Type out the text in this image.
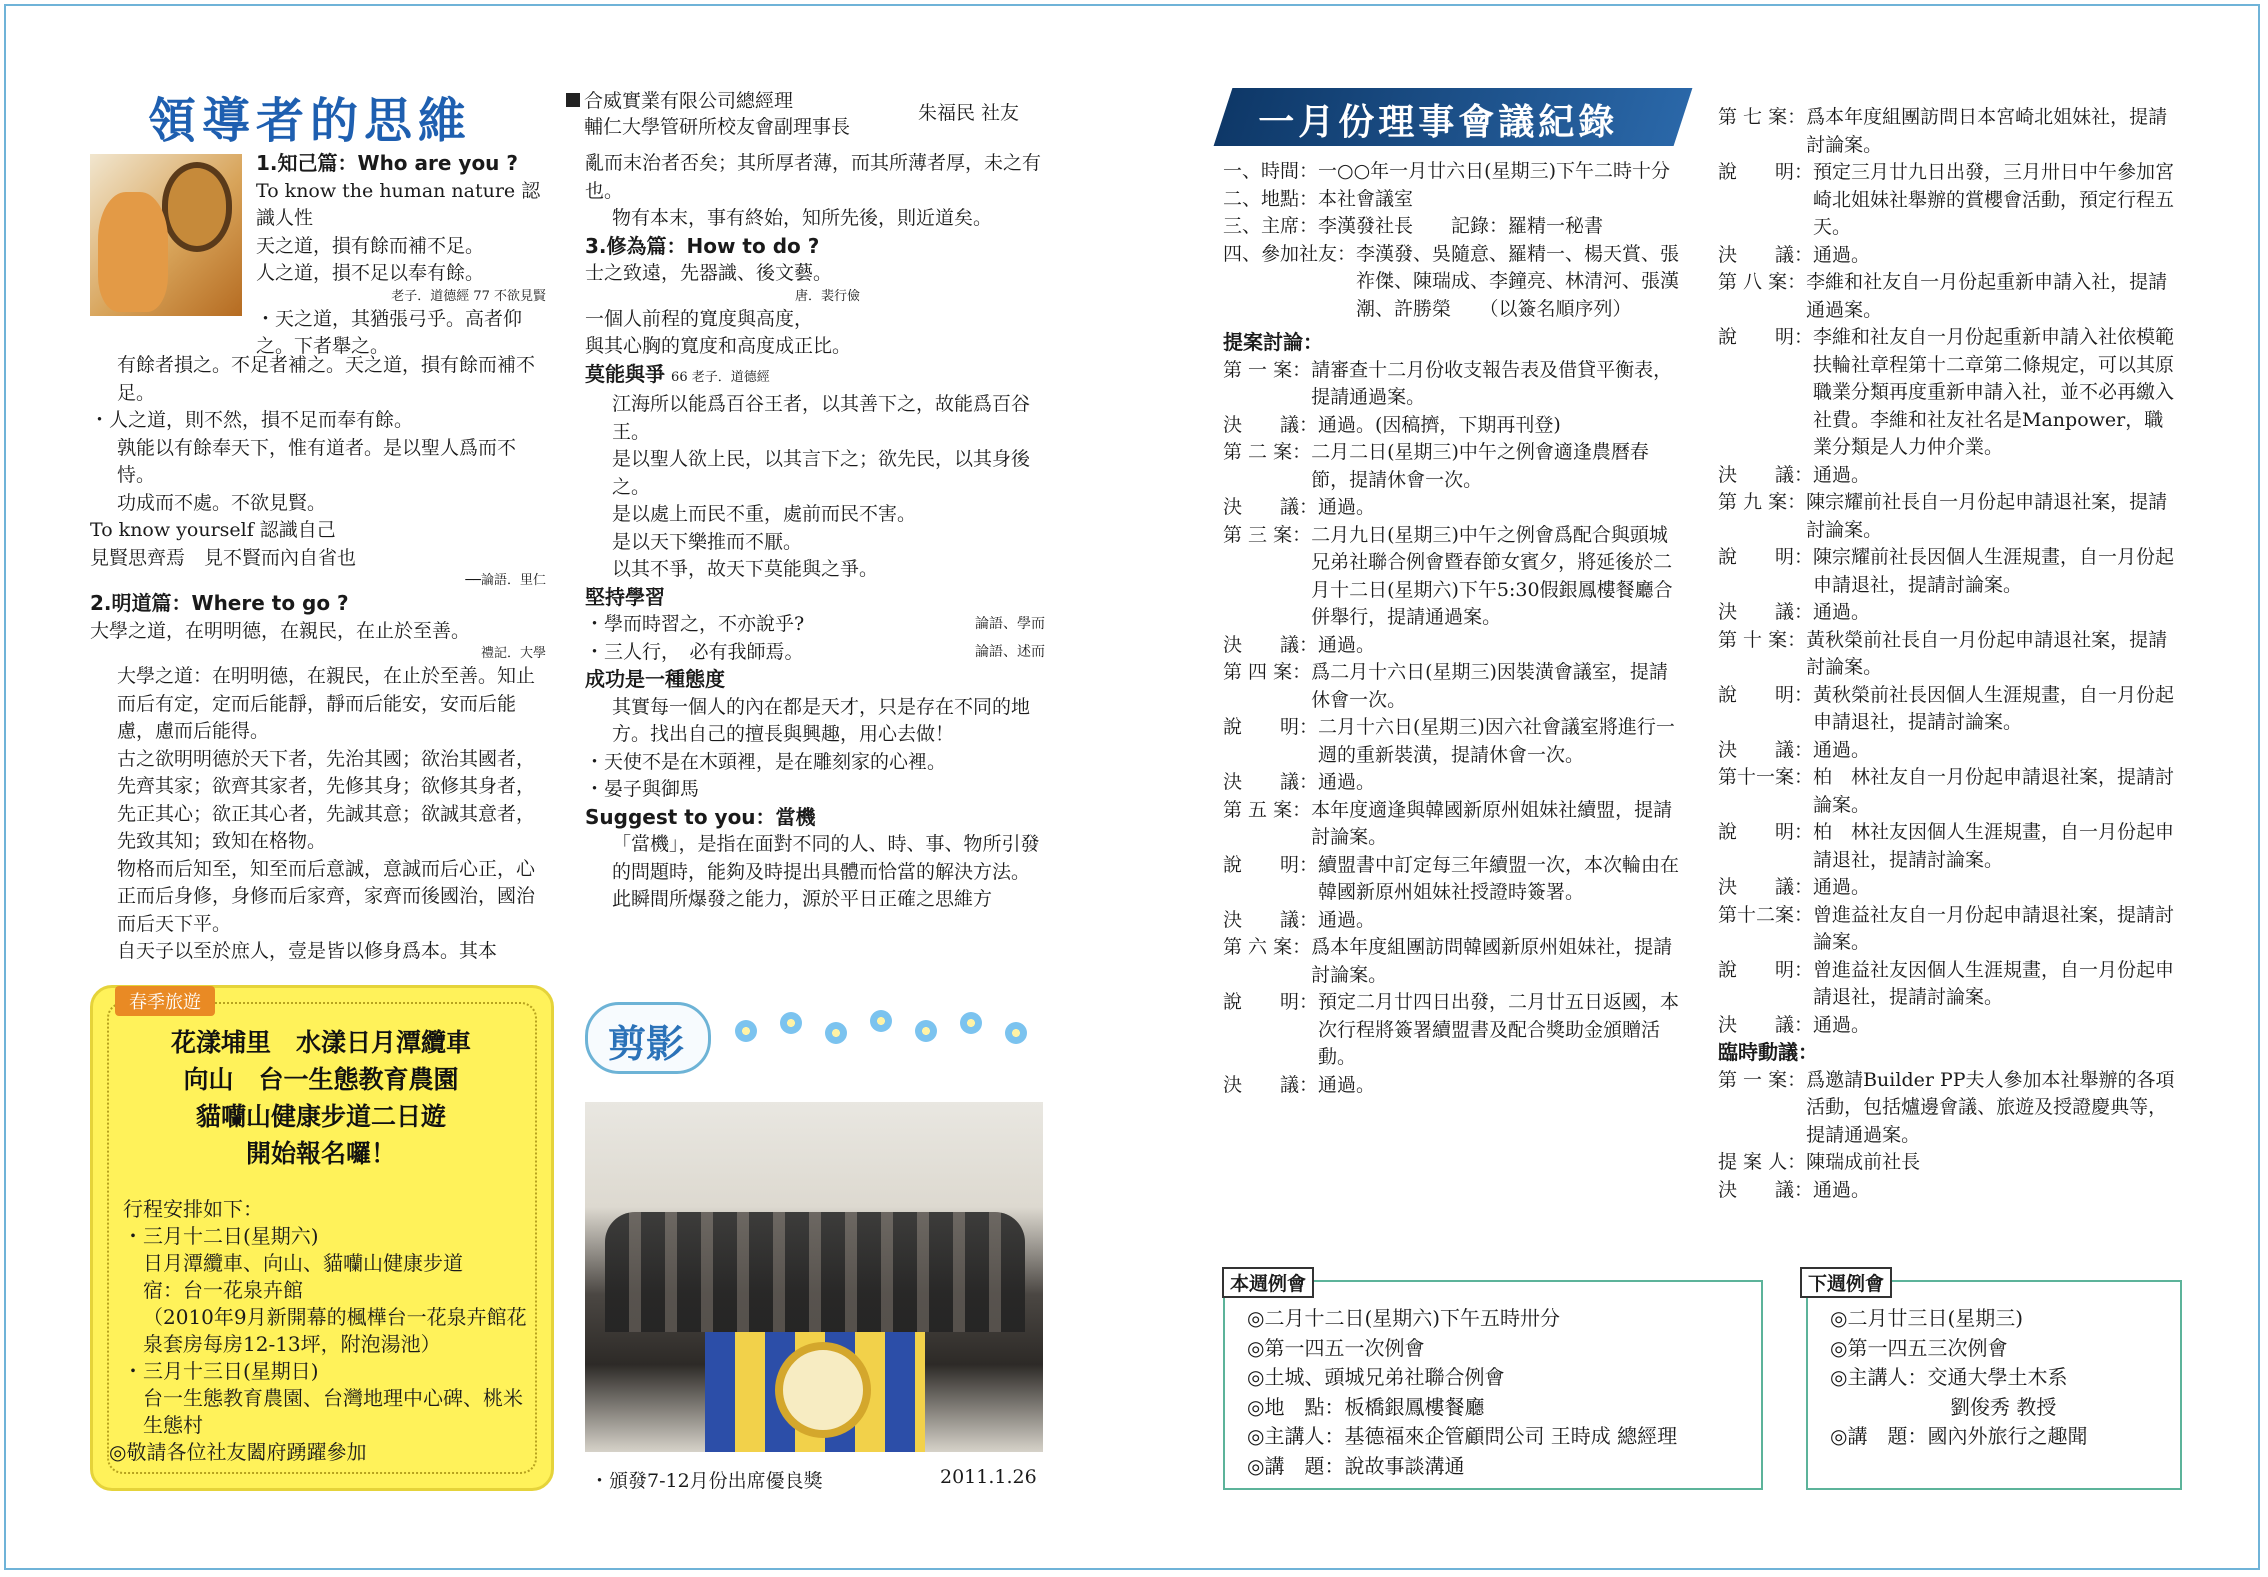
領導者的思維

1.知己篇：Who are you ?

To know the human nature 認識人性

天之道，損有餘而補不足。

人之道，損不足以奉有餘。

老子．道德經 77 不欲見賢

・天之道，其猶張弓乎。高者仰之。下者舉之。

有餘者損之。不足者補之。天之道，損有餘而補不足。

・人之道，則不然，損不足而奉有餘。

孰能以有餘奉天下，惟有道者。是以聖人爲而不恃。

功成而不處。不欲見賢。

To know yourself 認識自己

見賢思齊焉　見不賢而內自省也

──論語．里仁

2.明道篇：Where to go ?

大學之道，在明明德，在親民，在止於至善。

禮記．大學

大學之道：在明明德，在親民，在止於至善。知止而后有定，定而后能靜，靜而后能安，安而后能慮，慮而后能得。

古之欲明明德於天下者，先治其國；欲治其國者，先齊其家；欲齊其家者，先修其身；欲修其身者，先正其心；欲正其心者，先誠其意；欲誠其意者，先致其知；致知在格物。

物格而后知至，知至而后意誠，意誠而后心正，心正而后身修，身修而后家齊，家齊而後國治，國治而后天下平。

自天子以至於庶人，壹是皆以修身爲本。其本

合威實業有限公司總經理
輔仁大學管研所校友會副理事長
朱福民 社友

亂而末治者否矣；其所厚者薄，而其所薄者厚，未之有也。

物有本末，事有終始，知所先後，則近道矣。

3.修為篇：How to do ?

士之致遠，先器識、後文藝。

唐．裴行儉

一個人前程的寬度與高度，

與其心胸的寬度和高度成正比。

莫能與爭 66 老子．道德經

江海所以能爲百谷王者，以其善下之，故能爲百谷王。

是以聖人欲上民，以其言下之；欲先民，以其身後之。

是以處上而民不重，處前而民不害。

是以天下樂推而不厭。

以其不爭，故天下莫能與之爭。

堅持學習

・學而時習之，不亦說乎?	論語、學而

・三人行，　必有我師焉。	論語、述而

成功是一種態度

其實每一個人的內在都是天才，只是存在不同的地方。找出自己的擅長與興趣，用心去做！

・天使不是在木頭裡，是在雕刻家的心裡。

・晏子與御馬

Suggest to you：當機

「當機」，是指在面對不同的人、時、事、物所引發的問題時，能夠及時提出具體而恰當的解決方法。

此瞬間所爆發之能力，源於平日正確之思維方

春季旅遊
花漾埔里　水漾日月潭纜車
向山　台一生態教育農園
貓囒山健康步道二日遊
開始報名囉！
行程安排如下：
・三月十二日(星期六)
日月潭纜車、向山、貓囒山健康步道
宿：台一花泉卉館
（2010年9月新開幕的楓樺台一花泉卉館花泉套房每房12-13坪，附泡湯池）
・三月十三日(星期日)
台一生態教育農園、台灣地理中心碑、桃米生態村
◎敬請各位社友闔府踴躍參加
剪影
・頒發7-12月份出席優良獎	2011.1.26
一月份理事會議紀錄
一、時間： 一○○年一月廿六日(星期三)下午二時十分
二、地點： 本社會議室
三、主席： 李漢發社長　　記錄：羅精一秘書
四、參加社友： 李漢發、吳隨意、羅精一、楊天賞、張祚傑、陳瑞成、李鐘亮、林清河、張漢潮、許勝榮　　（以簽名順序列）

提案討論：

第 一 案： 請審查十二月份收支報告表及借貸平衡表，提請通過案。
決　　議： 通過。(因稿擠，下期再刊登)
第 二 案： 二月二日(星期三)中午之例會適逢農曆春節，提請休會一次。
決　　議： 通過。
第 三 案： 二月九日(星期三)中午之例會爲配合與頭城兄弟社聯合例會暨春節女賓夕，將延後於二月十二日(星期六)下午5:30假銀鳳樓餐廳合併舉行，提請通過案。
決　　議： 通過。
第 四 案： 爲二月十六日(星期三)因裝潢會議室，提請休會一次。
說　　明： 二月十六日(星期三)因六社會議室將進行一週的重新裝潢，提請休會一次。
決　　議： 通過。
第 五 案： 本年度適逢與韓國新原州姐妹社續盟，提請討論案。
說　　明： 續盟書中訂定每三年續盟一次，本次輪由在韓國新原州姐妹社授證時簽署。
決　　議： 通過。
第 六 案： 爲本年度組團訪問韓國新原州姐妹社，提請討論案。
說　　明： 預定二月廿四日出發，二月廿五日返國，本次行程將簽署續盟書及配合獎助金頒贈活動。
決　　議： 通過。
第 七 案： 爲本年度組團訪問日本宮崎北姐妹社，提請討論案。
說　　明： 預定三月廿九日出發，三月卅日中午參加宮崎北姐妹社舉辦的賞櫻會活動，預定行程五天。
決　　議： 通過。
第 八 案： 李維和社友自一月份起重新申請入社，提請通過案。
說　　明： 李維和社友自一月份起重新申請入社依模範扶輪社章程第十二章第二條規定，可以其原職業分類再度重新申請入社，並不必再繳入社費。李維和社友社名是Manpower，職業分類是人力仲介業。
決　　議： 通過。
第 九 案： 陳宗耀前社長自一月份起申請退社案，提請討論案。
說　　明： 陳宗耀前社長因個人生涯規畫，自一月份起申請退社，提請討論案。
決　　議： 通過。
第 十 案： 黃秋榮前社長自一月份起申請退社案，提請討論案。
說　　明： 黃秋榮前社長因個人生涯規畫，自一月份起申請退社，提請討論案。
決　　議： 通過。
第十一案： 柏　林社友自一月份起申請退社案，提請討論案。
說　　明： 柏　林社友因個人生涯規畫，自一月份起申請退社，提請討論案。
決　　議： 通過。
第十二案： 曾進益社友自一月份起申請退社案，提請討論案。
說　　明： 曾進益社友因個人生涯規畫，自一月份起申請退社，提請討論案。
決　　議： 通過。

臨時動議：

第 一 案： 爲邀請Builder PP夫人參加本社舉辦的各項活動，包括爐邊會議、旅遊及授證慶典等，提請通過案。
提 案 人： 陳瑞成前社長
決　　議： 通過。
◎二月十二日(星期六)下午五時卅分
◎第一四五一次例會
◎土城、頭城兄弟社聯合例會
◎地　點：板橋銀鳳樓餐廳
◎主講人：基德福來企管顧問公司 王時成 總經理
◎講　題：說故事談溝通
本週例會
◎二月廿三日(星期三)
◎第一四五三次例會
◎主講人：交通大學土木系
劉俊秀 教授
◎講　題：國內外旅行之趣聞
下週例會
